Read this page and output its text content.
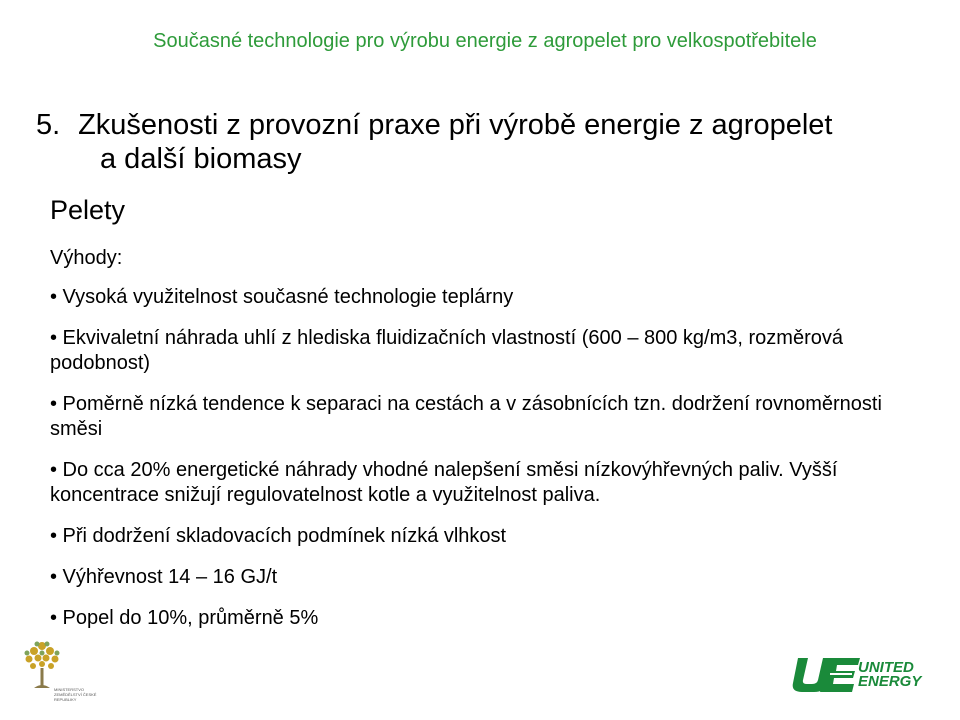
Současné technologie pro výrobu energie z agropelet pro velkospotřebitele
5. Zkušenosti z provozní praxe při výrobě energie z agropelet
a další biomasy
Pelety

Výhody:

• Vysoká využitelnost současné technologie teplárny

• Ekvivaletní náhrada uhlí z hlediska fluidizačních vlastností (600 – 800 kg/m3, rozměrová podobnost)

• Poměrně nízká tendence k separaci na cestách a v zásobnících tzn. dodržení rovnoměrnosti směsi

• Do cca 20% energetické náhrady vhodné nalepšení směsi nízkovýhřevných paliv. Vyšší koncentrace snižují regulovatelnost kotle a využitelnost paliva.

• Při dodržení skladovacích podmínek nízká vlhkost

• Výhřevnost 14 – 16 GJ/t

• Popel do 10%, průměrně 5%

MINISTERSTVO ZEMĚDĚLSTVÍ ČESKÉ REPUBLIKY
UNITED
ENERGY
